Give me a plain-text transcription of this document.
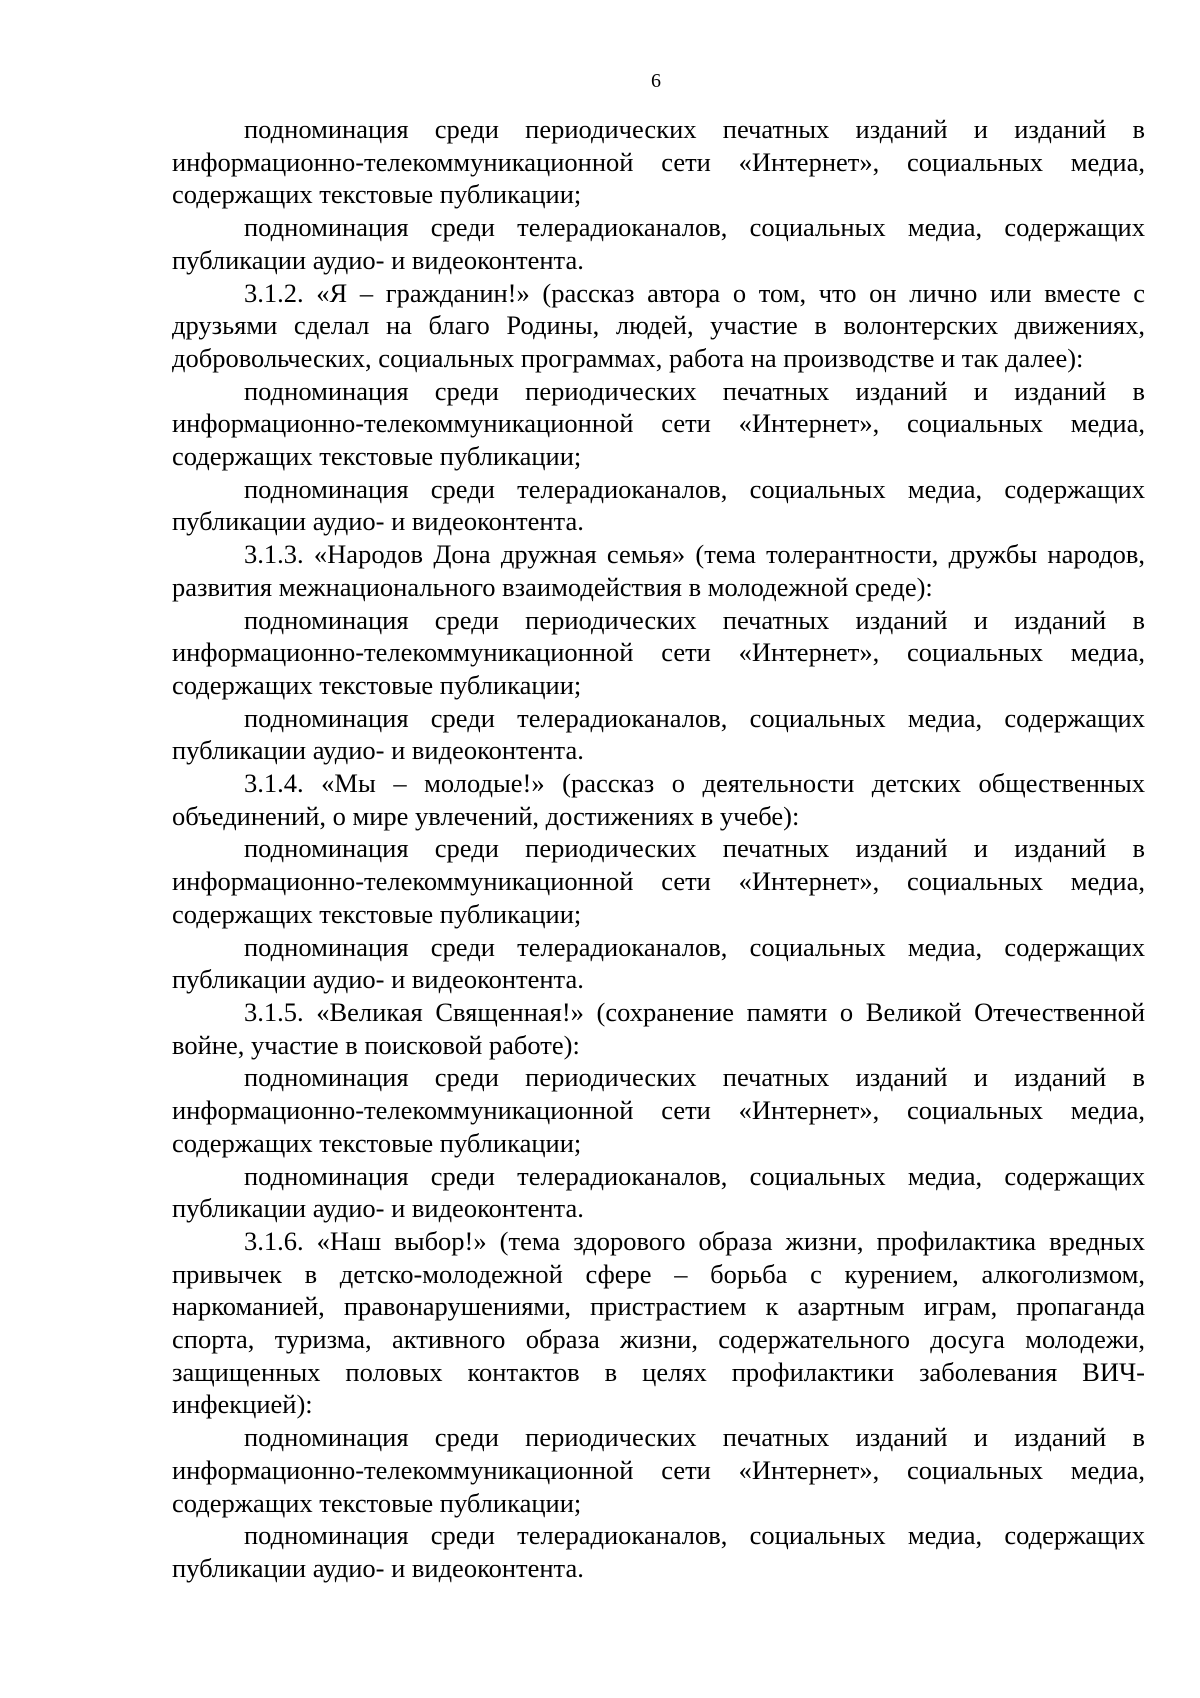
6

подноминация среди периодических печатных изданий и изданий в информационно-телекоммуникационной сети «Интернет», социальных медиа, содержащих текстовые публикации;

подноминация среди телерадиоканалов, социальных медиа, содержащих публикации аудио- и видеоконтента.

3.1.2. «Я – гражданин!» (рассказ автора о том, что он лично или вместе с друзьями сделал на благо Родины, людей, участие в волонтерских движениях, добровольческих, социальных программах, работа на производстве и так далее):

подноминация среди периодических печатных изданий и изданий в информационно-телекоммуникационной сети «Интернет», социальных медиа, содержащих текстовые публикации;

подноминация среди телерадиоканалов, социальных медиа, содержащих публикации аудио- и видеоконтента.

3.1.3. «Народов Дона дружная семья» (тема толерантности, дружбы народов, развития межнационального взаимодействия в молодежной среде):

подноминация среди периодических печатных изданий и изданий в информационно-телекоммуникационной сети «Интернет», социальных медиа, содержащих текстовые публикации;

подноминация среди телерадиоканалов, социальных медиа, содержащих публикации аудио- и видеоконтента.

3.1.4. «Мы – молодые!» (рассказ о деятельности детских общественных объединений, о мире увлечений, достижениях в учебе):

подноминация среди периодических печатных изданий и изданий в информационно-телекоммуникационной сети «Интернет», социальных медиа, содержащих текстовые публикации;

подноминация среди телерадиоканалов, социальных медиа, содержащих публикации аудио- и видеоконтента.

3.1.5. «Великая Священная!» (сохранение памяти о Великой Отечественной войне, участие в поисковой работе):

подноминация среди периодических печатных изданий и изданий в информационно-телекоммуникационной сети «Интернет», социальных медиа, содержащих текстовые публикации;

подноминация среди телерадиоканалов, социальных медиа, содержащих публикации аудио- и видеоконтента.

3.1.6. «Наш выбор!» (тема здорового образа жизни, профилактика вредных привычек в детско-молодежной сфере – борьба с курением, алкоголизмом, наркоманией, правонарушениями, пристрастием к азартным играм, пропаганда спорта, туризма, активного образа жизни, содержательного досуга молодежи, защищенных половых контактов в целях профилактики заболевания ВИЧ-инфекцией):

подноминация среди периодических печатных изданий и изданий в информационно-телекоммуникационной сети «Интернет», социальных медиа, содержащих текстовые публикации;

подноминация среди телерадиоканалов, социальных медиа, содержащих публикации аудио- и видеоконтента.
